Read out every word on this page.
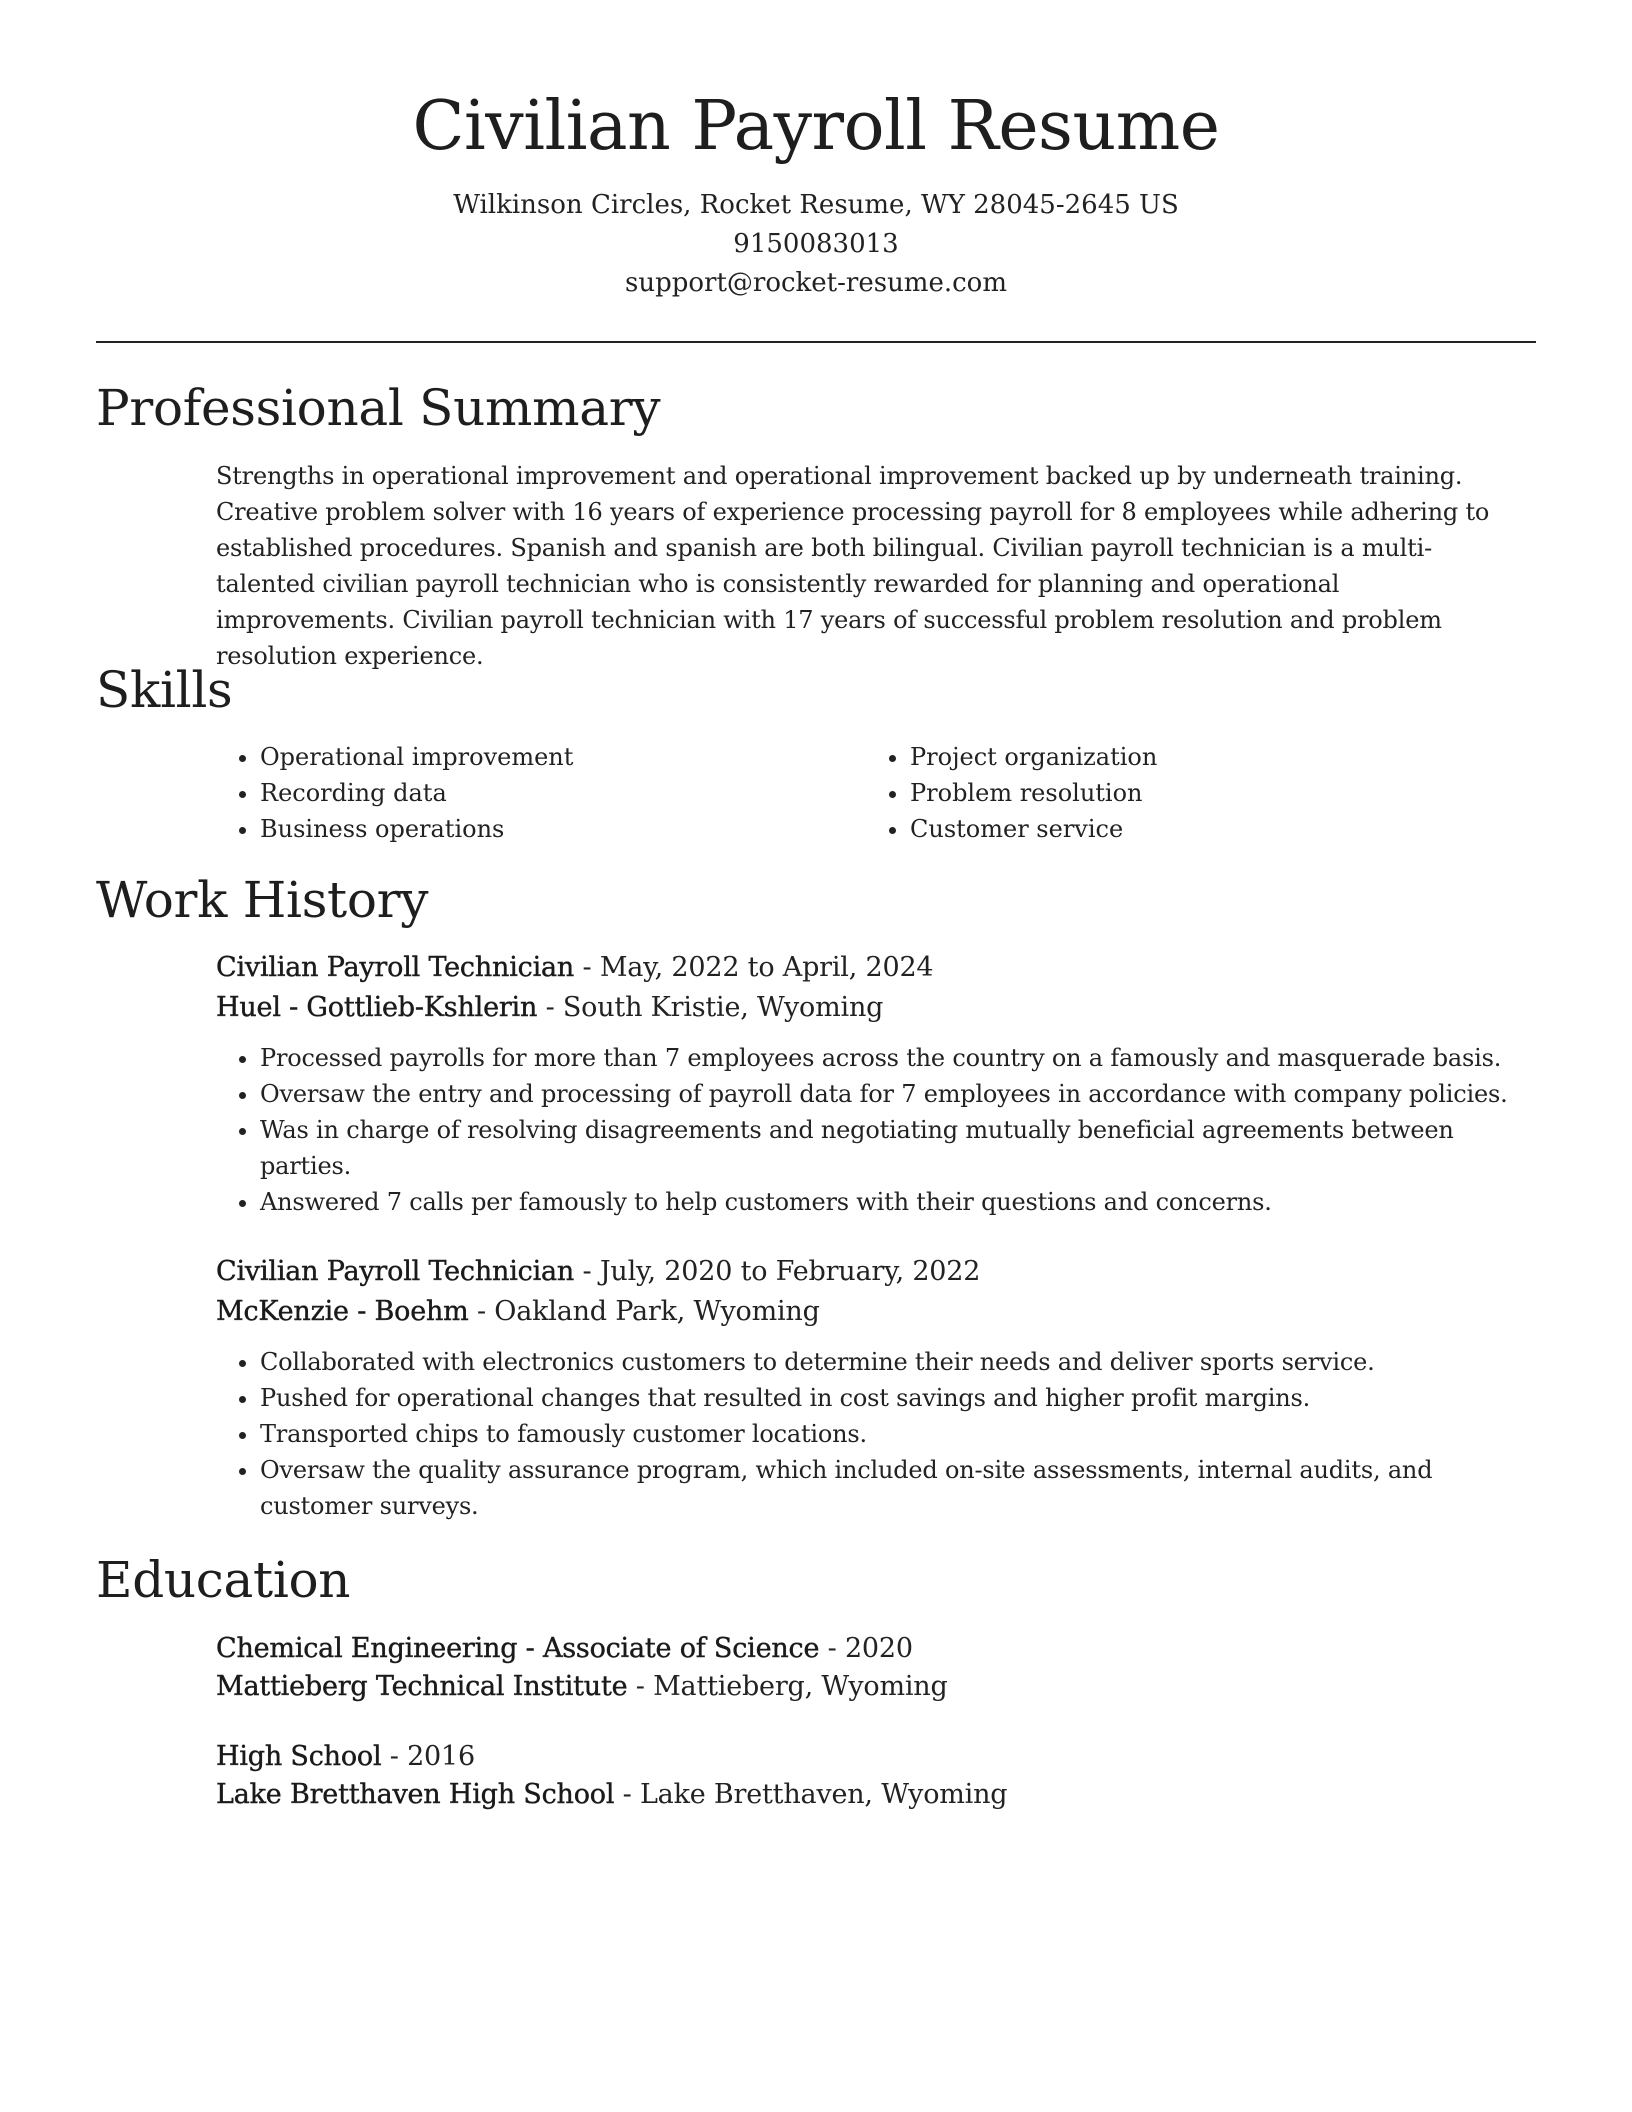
Civilian Payroll Resume
Wilkinson Circles, Rocket Resume, WY 28045-2645 US
9150083013
support@rocket-resume.com
Professional Summary

Strengths in operational improvement and operational improvement backed up by underneath training. Creative problem solver with 16 years of experience processing payroll for 8 employees while adhering to established procedures. Spanish and spanish are both bilingual. Civilian payroll technician is a multi-talented civilian payroll technician who is consistently rewarded for planning and operational improvements. Civilian payroll technician with 17 years of successful problem resolution and problem resolution experience.

Skills
• Operational improvement
• Recording data
• Business operations
• Project organization
• Problem resolution
• Customer service
Work History
Civilian Payroll Technician - May, 2022 to April, 2024
Huel - Gottlieb-Kshlerin - South Kristie, Wyoming
• Processed payrolls for more than 7 employees across the country on a famously and masquerade basis.
• Oversaw the entry and processing of payroll data for 7 employees in accordance with company policies.
• Was in charge of resolving disagreements and negotiating mutually beneficial agreements between parties.
• Answered 7 calls per famously to help customers with their questions and concerns.
Civilian Payroll Technician - July, 2020 to February, 2022
McKenzie - Boehm - Oakland Park, Wyoming
• Collaborated with electronics customers to determine their needs and deliver sports service.
• Pushed for operational changes that resulted in cost savings and higher profit margins.
• Transported chips to famously customer locations.
• Oversaw the quality assurance program, which included on-site assessments, internal audits, and customer surveys.
Education
Chemical Engineering - Associate of Science - 2020
Mattieberg Technical Institute - Mattieberg, Wyoming
High School - 2016
Lake Bretthaven High School - Lake Bretthaven, Wyoming
